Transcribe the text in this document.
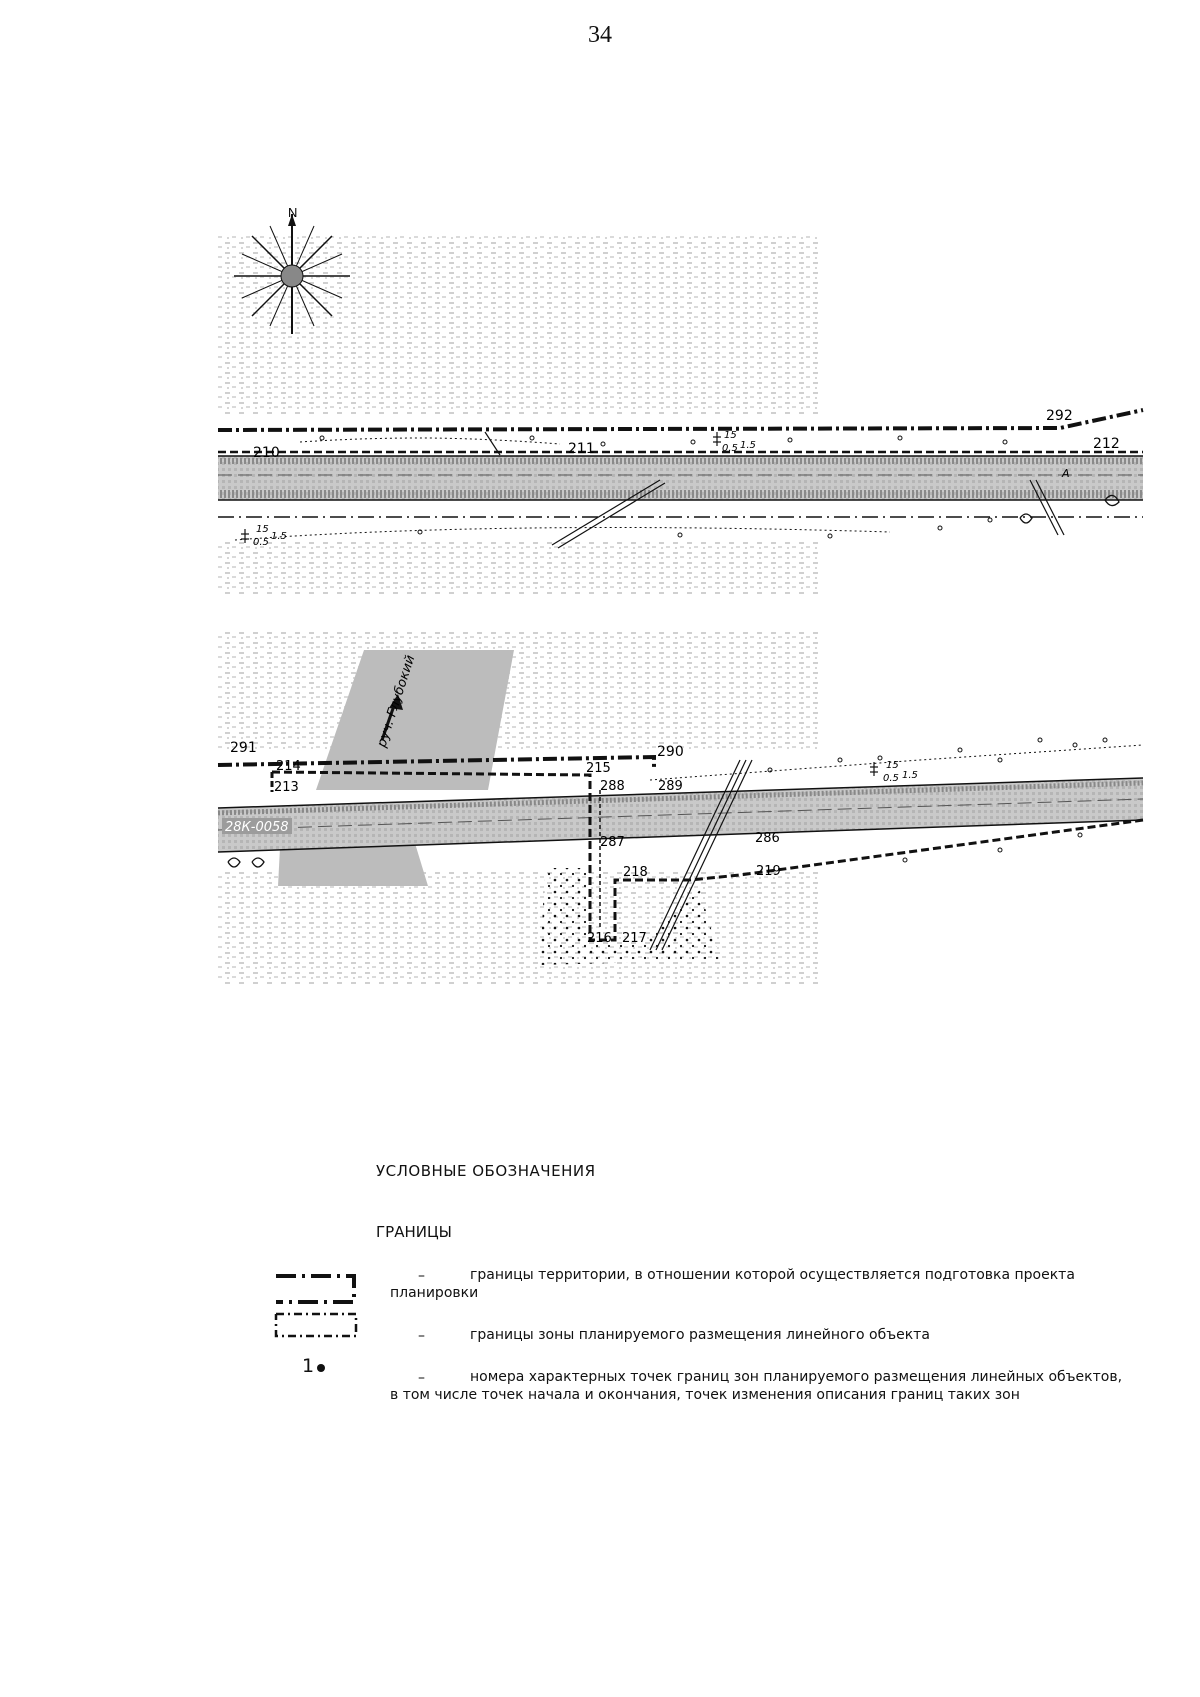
34
N
15
0.5 1.5
15
0.5
1.5
А
210	211	212
292
руч. Глубокий
28К-0058
15
0.5 1.5
291
214
213
215
288	289
290
287	286
218	219
216 217
УСЛОВНЫЕ ОБОЗНАЧЕНИЯ
ГРАНИЦЫ
–	границы территории, в отношении которой осуществляется подготовка проекта
планировки
–	границы зоны планируемого размещения линейного объекта
1
–	номера характерных точек границ зон планируемого размещения линейных объектов,
в том числе точек начала и окончания, точек изменения описания границ таких зон
